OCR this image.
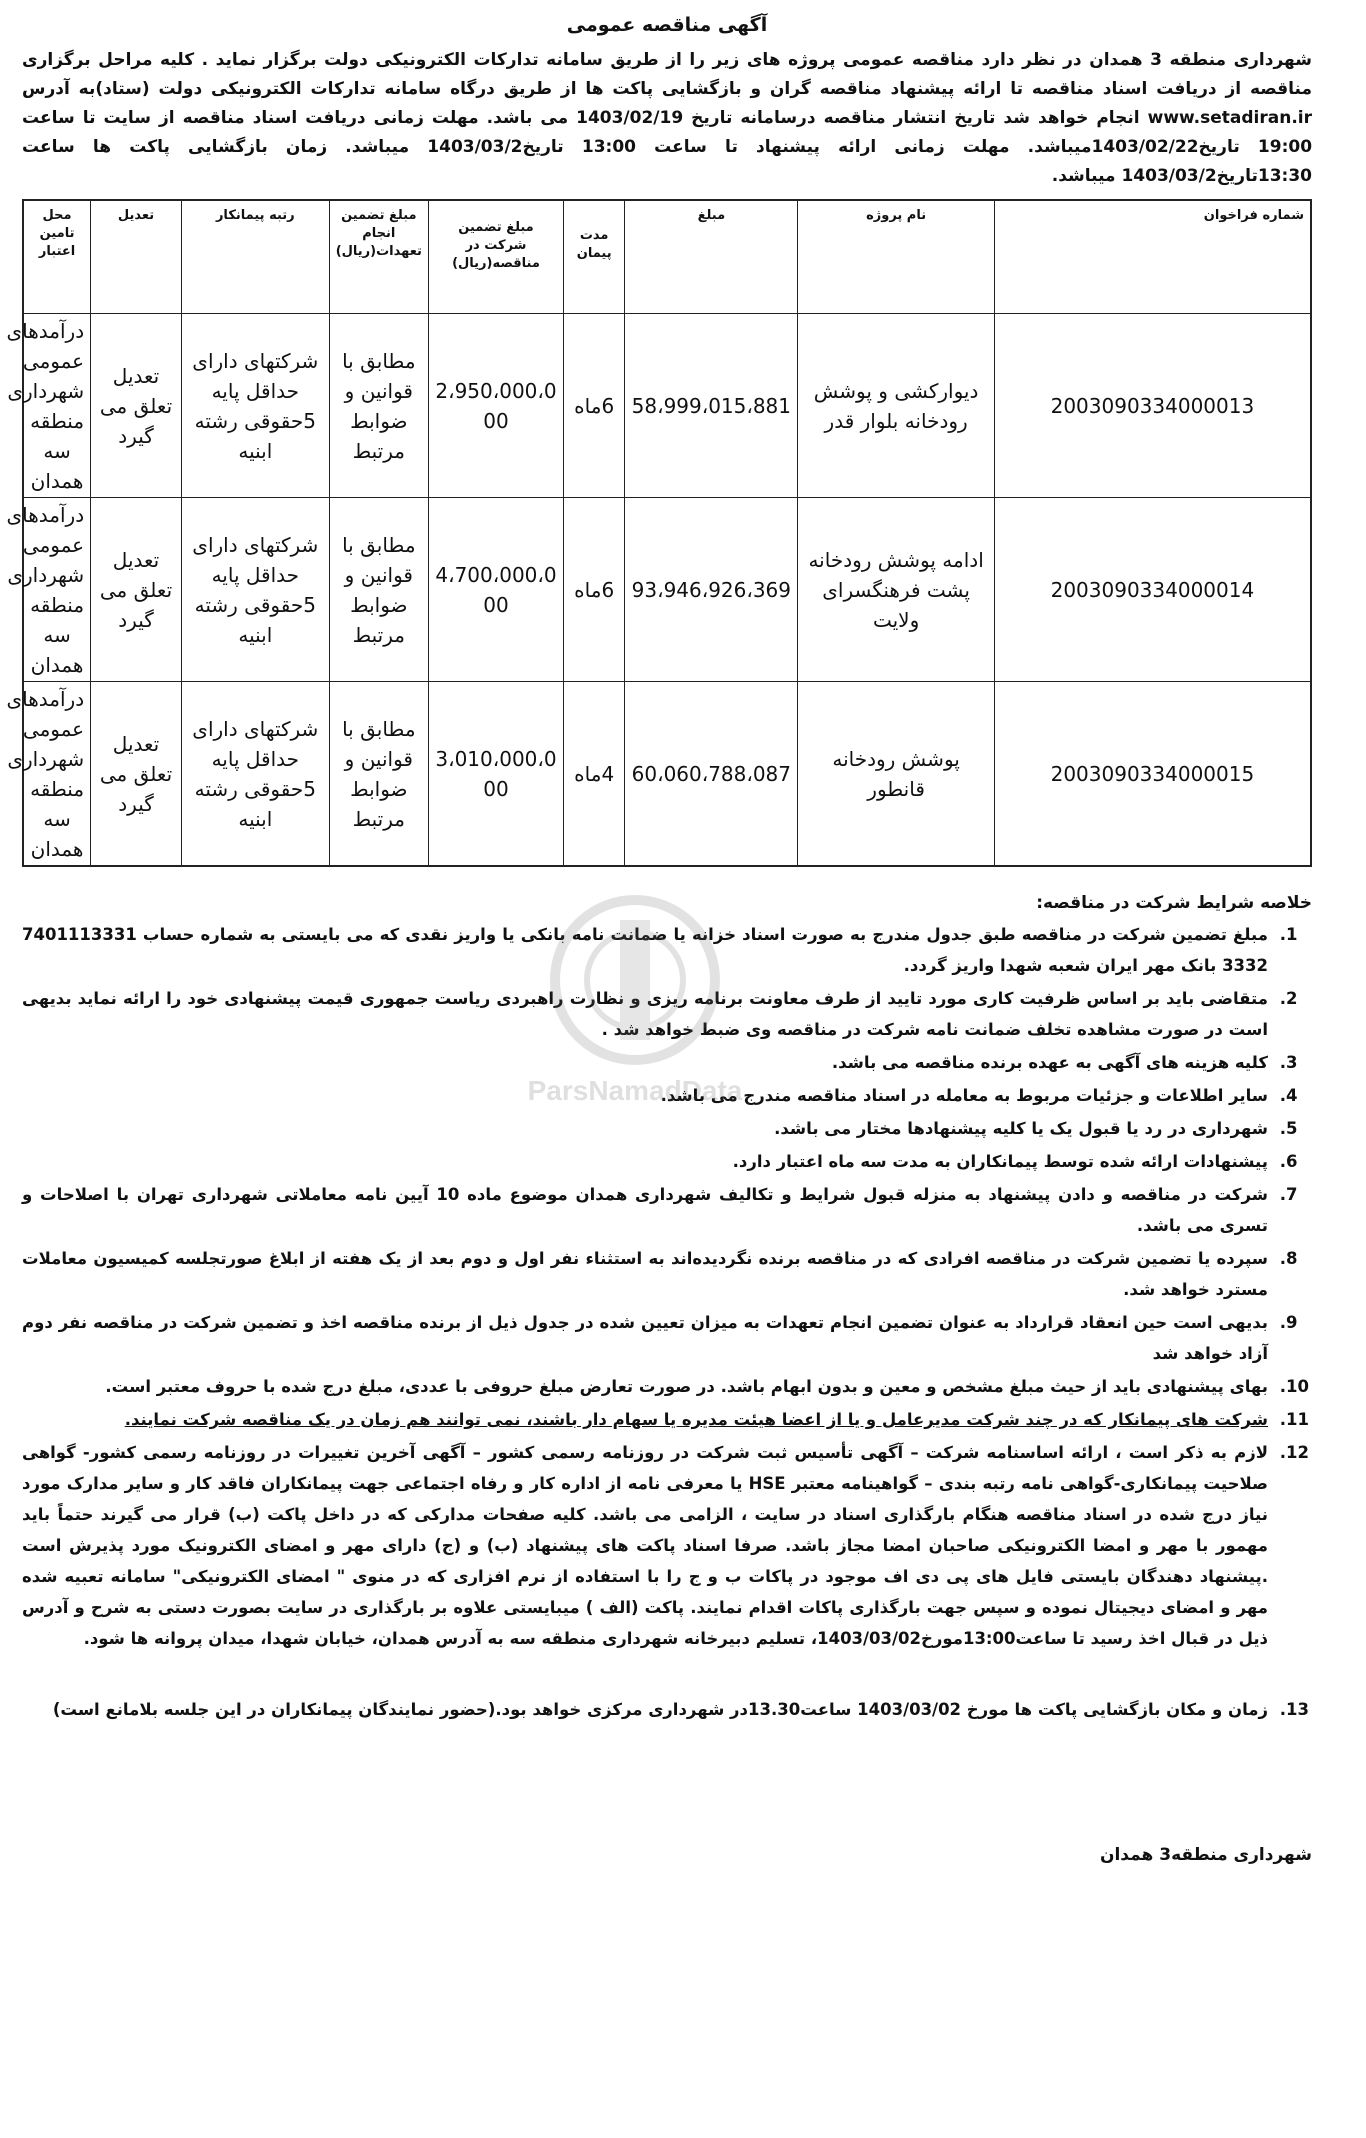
آگهی مناقصه عمومی

شهرداری منطقه 3 همدان در نظر دارد مناقصه عمومی پروژه های زیر را از طریق سامانه تدارکات الکترونیکی دولت برگزار نماید . کلیه مراحل برگزاری مناقصه از دریافت اسناد مناقصه تا ارائه پیشنهاد مناقصه گران و بازگشایی پاکت ها از طریق درگاه سامانه تدارکات الکترونیکی دولت (ستاد)به آدرس www.setadiran.ir انجام خواهد شد تاریخ انتشار مناقصه درسامانه تاریخ 1403/02/19 می باشد. مهلت زمانی دریافت اسناد مناقصه از سایت تا ساعت 19:00 تاریخ1403/02/22میباشد. مهلت زمانی ارائه پیشنهاد تا ساعت 13:00 تاریخ1403/03/2 میباشد. زمان بازگشایی پاکت ها ساعت 13:30تاریخ1403/03/2 میباشد.

شماره فراخوان	نام پروژه	مبلغ	مدت پیمان	مبلغ تضمین شرکت در مناقصه(ریال)	مبلغ تضمین انجام تعهدات(ریال)	رتبه پیمانکار	تعدیل	محل تامین اعتبار
2003090334000013	دیوارکشی و پوشش رودخانه بلوار قدر	58،999،015،881	6ماه	2،950،000،000	مطابق با قوانین و ضوابط مرتبط	شرکتهای دارای حداقل پایه 5حقوقی رشته ابنیه	تعدیل تعلق می گیرد	درآمدهای عمومی شهرداری منطقه سه همدان
2003090334000014	ادامه پوشش رودخانه پشت فرهنگسرای ولایت	93،946،926،369	6ماه	4،700،000،000	مطابق با قوانین و ضوابط مرتبط	شرکتهای دارای حداقل پایه 5حقوقی رشته ابنیه	تعدیل تعلق می گیرد	درآمدهای عمومی شهرداری منطقه سه همدان
2003090334000015	پوشش رودخانه قانطور	60،060،788،087	4ماه	3،010،000،000	مطابق با قوانین و ضوابط مرتبط	شرکتهای دارای حداقل پایه 5حقوقی رشته ابنیه	تعدیل تعلق می گیرد	درآمدهای عمومی شهرداری منطقه سه همدان
خلاصه شرایط شرکت در مناقصه:
1. مبلغ تضمین شرکت در مناقصه طبق جدول مندرج به صورت اسناد خزانه یا ضمانت نامه بانکی یا واریز نقدی که می بایستی به شماره حساب 7401113331 3332 بانک مهر ایران شعبه شهدا واریز گردد.
2. متقاضی باید بر اساس ظرفیت کاری مورد تایید از طرف معاونت برنامه ریزی و نظارت راهبردی ریاست جمهوری قیمت پیشنهادی خود را ارائه نماید بدیهی است در صورت مشاهده تخلف ضمانت نامه شرکت در مناقصه وی ضبط خواهد شد .
3. کلیه هزینه های آگهی به عهده برنده مناقصه می باشد.
4. سایر اطلاعات و جزئیات مربوط به معامله در اسناد مناقصه مندرج می باشد.
5. شهرداری در رد یا قبول یک یا کلیه پیشنهادها مختار می باشد.
6. پیشنهادات ارائه شده توسط پیمانکاران به مدت سه ماه اعتبار دارد.
7. شرکت در مناقصه و دادن پیشنهاد به منزله قبول شرایط و تکالیف شهرداری همدان موضوع ماده 10 آیین نامه معاملاتی شهرداری تهران با اصلاحات و تسری می باشد.
8. سپرده یا تضمین شرکت در مناقصه افرادی که در مناقصه برنده نگردیده‌اند به استثناء نفر اول و دوم بعد از یک هفته از ابلاغ صورتجلسه کمیسیون معاملات مسترد خواهد شد.
9. بدیهی است حین انعقاد قرارداد به عنوان تضمین انجام تعهدات به میزان تعیین شده در جدول ذیل از برنده مناقصه اخذ و تضمین شرکت در مناقصه نفر دوم آزاد خواهد شد
10. بهای پیشنهادی باید از حیث مبلغ مشخص و معین و بدون ابهام باشد. در صورت تعارض مبلغ حروفی با عددی، مبلغ درج شده با حروف معتبر است.
11. شرکت های پیمانکار که در چند شرکت مدیرعامل و یا از اعضا هیئت مدیره یا سهام دار باشند، نمی توانند هم زمان در یک مناقصه شرکت نمایند.
12. لازم به ذکر است ، ارائه اساسنامه شرکت – آگهی تأسیس ثبت شرکت در روزنامه رسمی کشور – آگهی آخرین تغییرات در روزنامه رسمی کشور- گواهی صلاحیت پیمانکاری-گواهی نامه رتبه بندی – گواهینامه معتبر HSE یا معرفی نامه از اداره کار و رفاه اجتماعی جهت پیمانکاران فاقد کار و سایر مدارک مورد نیاز درج شده در اسناد مناقصه هنگام بارگذاری اسناد در سایت ، الزامی می باشد. کلیه صفحات مدارکی که در داخل پاکت (ب) قرار می گیرند حتماً باید مهمور با مهر و امضا الکترونیکی صاحبان امضا مجاز باشد. صرفا اسناد پاکت های پیشنهاد (ب) و (ج) دارای مهر و امضای الکترونیک مورد پذیرش است .پیشنهاد دهندگان بایستی فایل های پی دی اف موجود در پاکات ب و ج را با استفاده از نرم افزاری که در منوی " امضای الکترونیکی" سامانه تعبیه شده مهر و امضای دیجیتال نموده و سپس جهت بارگذاری پاکات اقدام نمایند. پاکت (الف ) میبایستی علاوه بر بارگذاری در سایت بصورت دستی به شرح و آدرس ذیل در قبال اخذ رسید تا ساعت13:00مورخ1403/03/02، تسلیم دبیرخانه شهرداری منطقه سه به آدرس همدان، خیابان شهدا، میدان پروانه ها شود.
13. زمان و مکان بازگشایی پاکت ها مورخ 1403/03/02 ساعت13.30در شهرداری مرکزی خواهد بود.(حضور نمایندگان پیمانکاران در این جلسه بلامانع است)
شهرداری منطقه3 همدان
ParsNamadData
